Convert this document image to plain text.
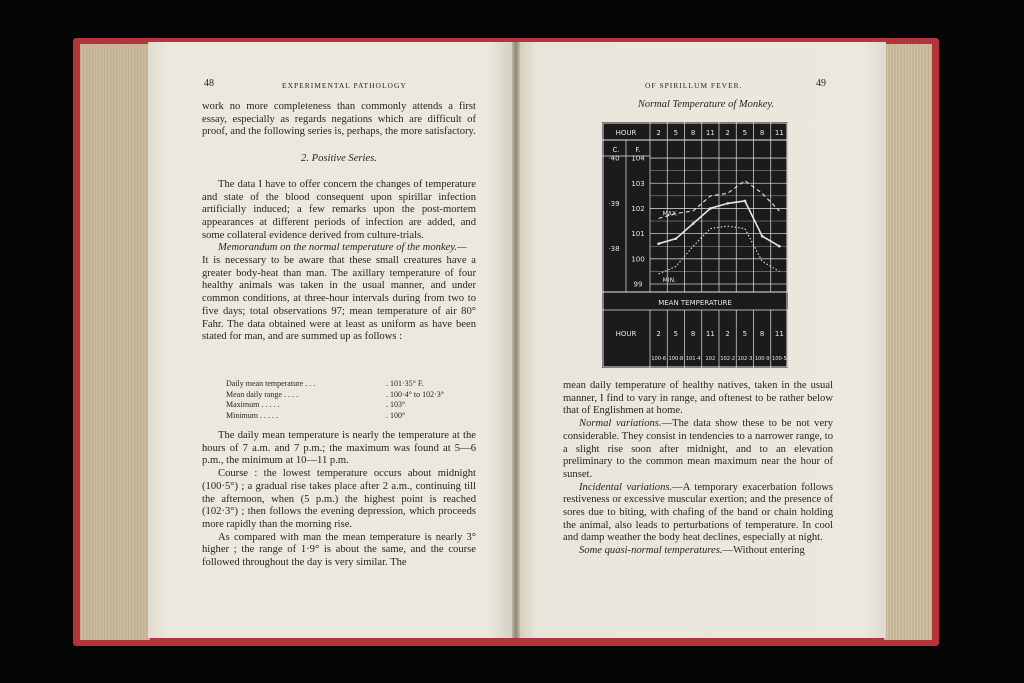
48	EXPERIMENTAL PATHOLOGY

work no more completeness than commonly attends a first essay, especially as regards negations which are difficult of proof, and the following series is, perhaps, the more satisfactory.

2. Positive Series.

The data I have to offer concern the changes of temperature and state of the blood consequent upon spirillar infection artificially induced; a few remarks upon the post-mortem appearances at different periods of infection are added, and some collateral evidence derived from culture-trials.

Memorandum on the normal temperature of the monkey.—

It is necessary to be aware that these small creatures have a greater body-heat than man. The axillary temperature of four healthy animals was taken in the usual manner, and under common conditions, at three-hour intervals during from two to five days; total observations 97; mean temperature of air 80° Fahr. The data obtained were at least as uniform as have been stated for man, and are summed up as follows :

Daily mean temperature . . .	. 101·35° F.
Mean daily range . . . .	. 100·4° to 102·3°
Maximum . . . . .	. 103°
Minimum . . . . .	. 100°

The daily mean temperature is nearly the temperature at the hours of 7 a.m. and 7 p.m.; the maximum was found at 5—6 p.m., the minimum at 10—11 p.m.

Course : the lowest temperature occurs about midnight (100·5°) ; a gradual rise takes place after 2 a.m., continuing till the afternoon, when (5 p.m.) the highest point is reached (102·3°) ; then follows the evening depression, which proceeds more rapidly than the morning rise.

As compared with man the mean temperature is nearly 3° higher ; the range of 1·9° is about the same, and the course followed throughout the day is very similar. The

OF SPIRILLUM FEVER.	49
Normal Temperature of Monkey.
HOUR	2 5 8 11 2 5 8 11
C. F.
104
103
102
101
100
99
·40
·39
·38
MEAN TEMPERATURE
HOUR	2 5 8 11 2 5 8 11
100·6 100·8 101·4 102 102·2 102·3 100·9 100·5
MAX.
MIN.

mean daily temperature of healthy natives, taken in the usual manner, I find to vary in range, and oftenest to be rather below that of Englishmen at home.

Normal variations.—The data show these to be not very considerable. They consist in tendencies to a narrower range, to a slight rise soon after midnight, and to an elevation preliminary to the common mean maximum near the hour of sunset.

Incidental variations.—A temporary exacerbation follows restiveness or excessive muscular exertion; and the presence of sores due to biting, with chafing of the band or chain holding the animal, also leads to perturbations of temperature. In cool and damp weather the body heat declines, especially at night.

Some quasi-normal temperatures.—Without entering
